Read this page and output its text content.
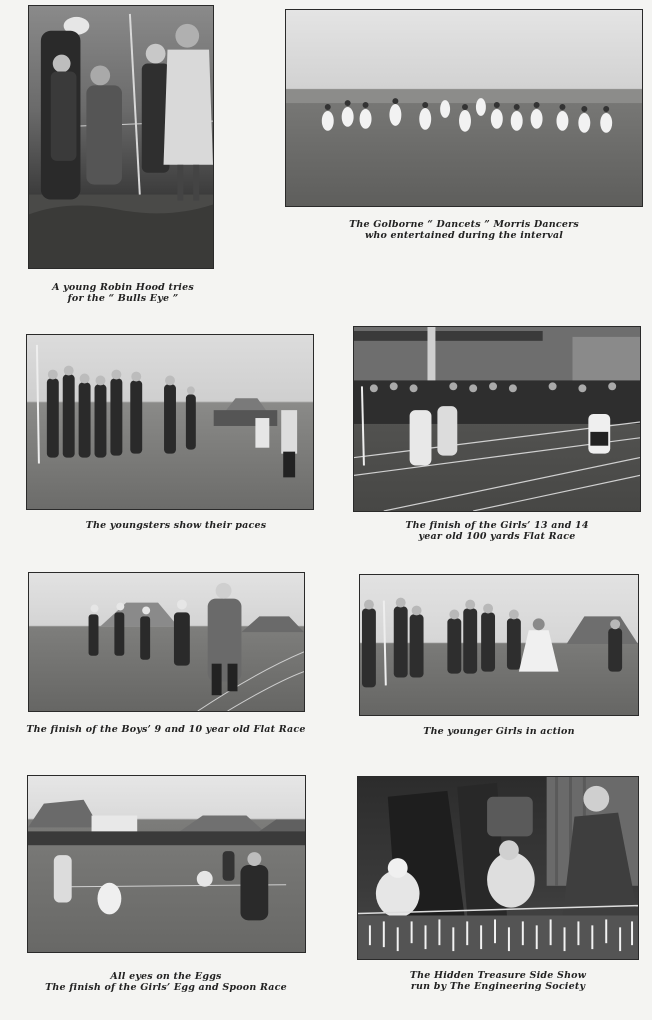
A young Robin Hood tries
for the “ Bulls Eye ”
The Golborne “ Dancets ” Morris Dancers
who entertained during the interval
The youngsters show their paces	The finish of the Girls’ 13 and 14
year old 100 yards Flat Race
The finish of the Boys’ 9 and 10 year old Flat Race	The younger Girls in action
All eyes on the Eggs
The finish of the Girls’ Egg and Spoon Race
The Hidden Treasure Side Show
run by The Engineering Society
